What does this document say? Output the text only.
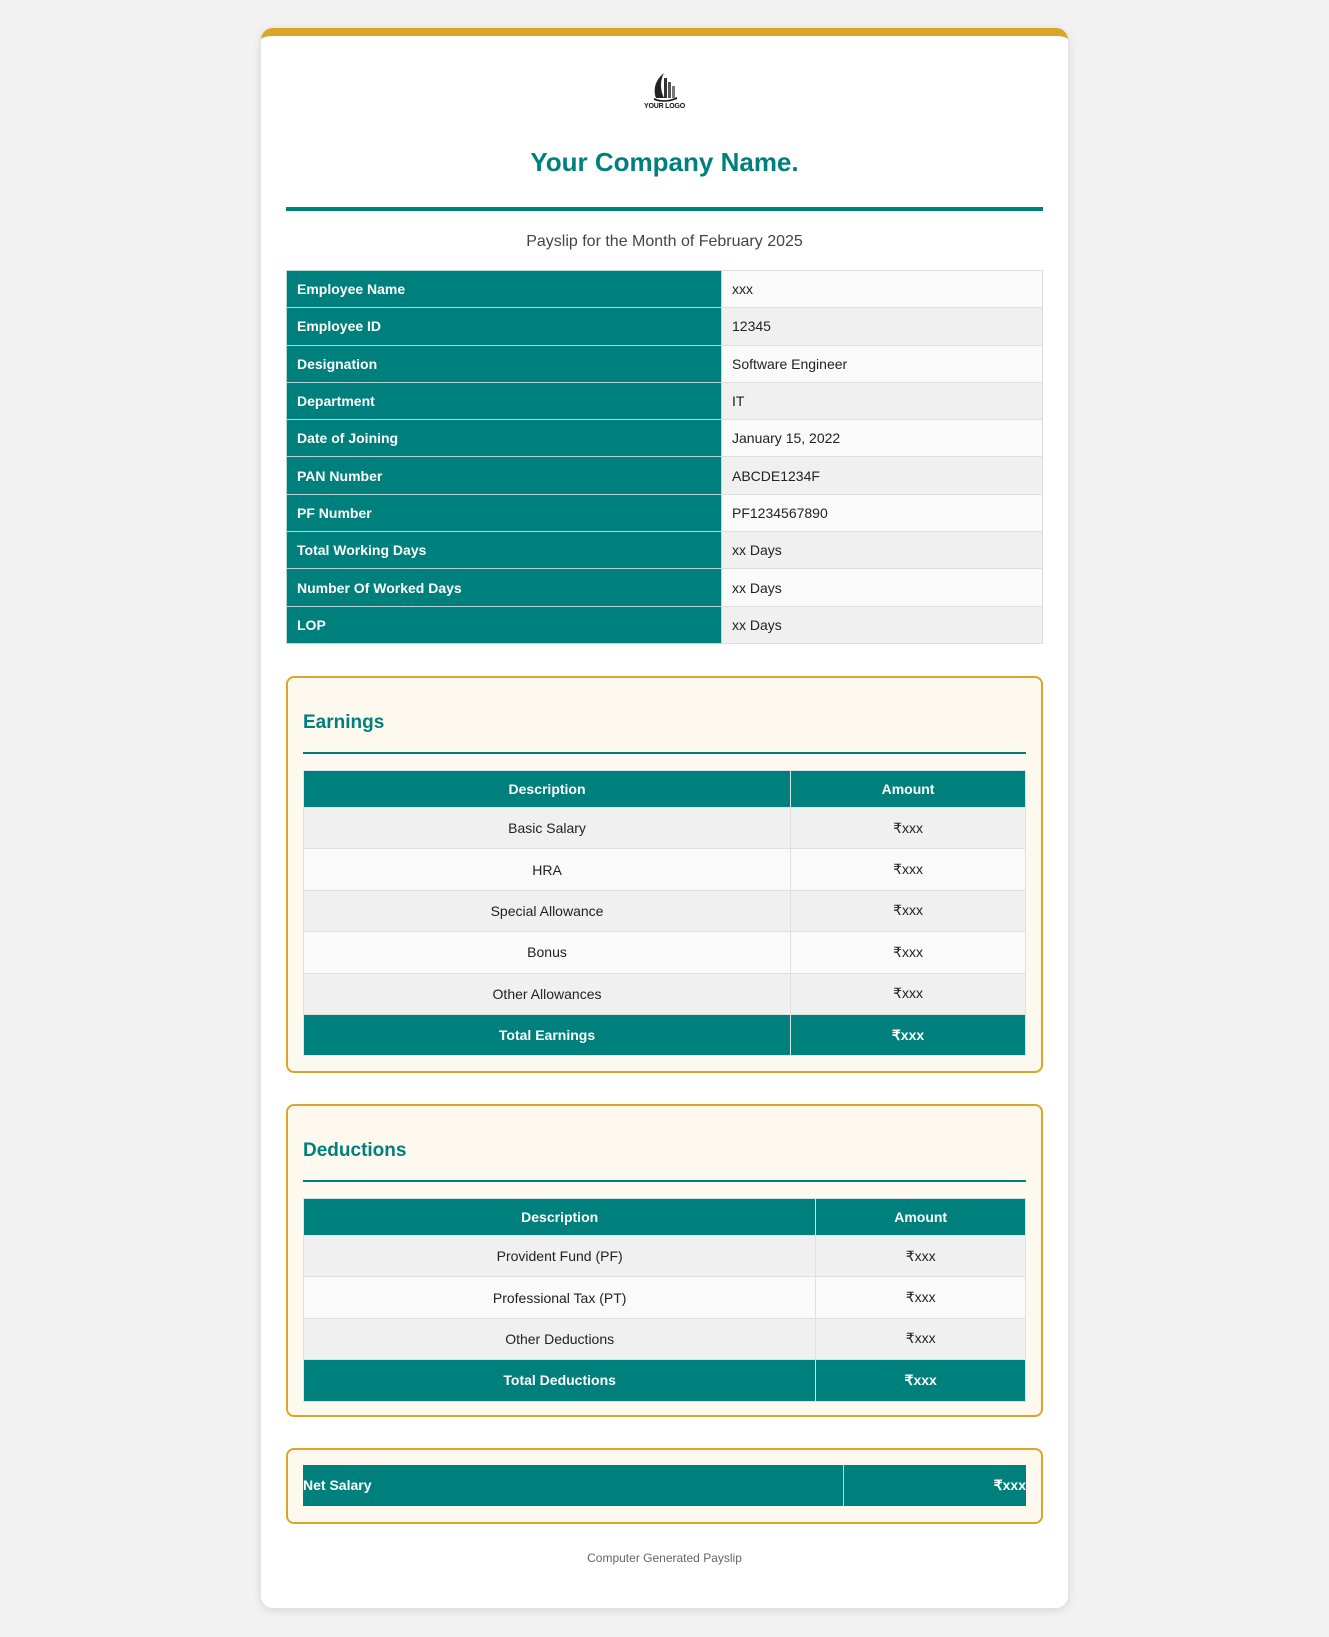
YOUR LOGO
Your Company Name.
Payslip for the Month of February 2025
Employee Name	xxx
Employee ID	12345
Designation	Software Engineer
Department	IT
Date of Joining	January 15, 2022
PAN Number	ABCDE1234F
PF Number	PF1234567890
Total Working Days	xx Days
Number Of Worked Days	xx Days
LOP	xx Days
Earnings
Description	Amount
Basic Salary	₹xxx
HRA	₹xxx
Special Allowance	₹xxx
Bonus	₹xxx
Other Allowances	₹xxx
Total Earnings	₹xxx
Deductions
Description	Amount
Provident Fund (PF)	₹xxx
Professional Tax (PT)	₹xxx
Other Deductions	₹xxx
Total Deductions	₹xxx
Net Salary	₹xxx
Computer Generated Payslip
